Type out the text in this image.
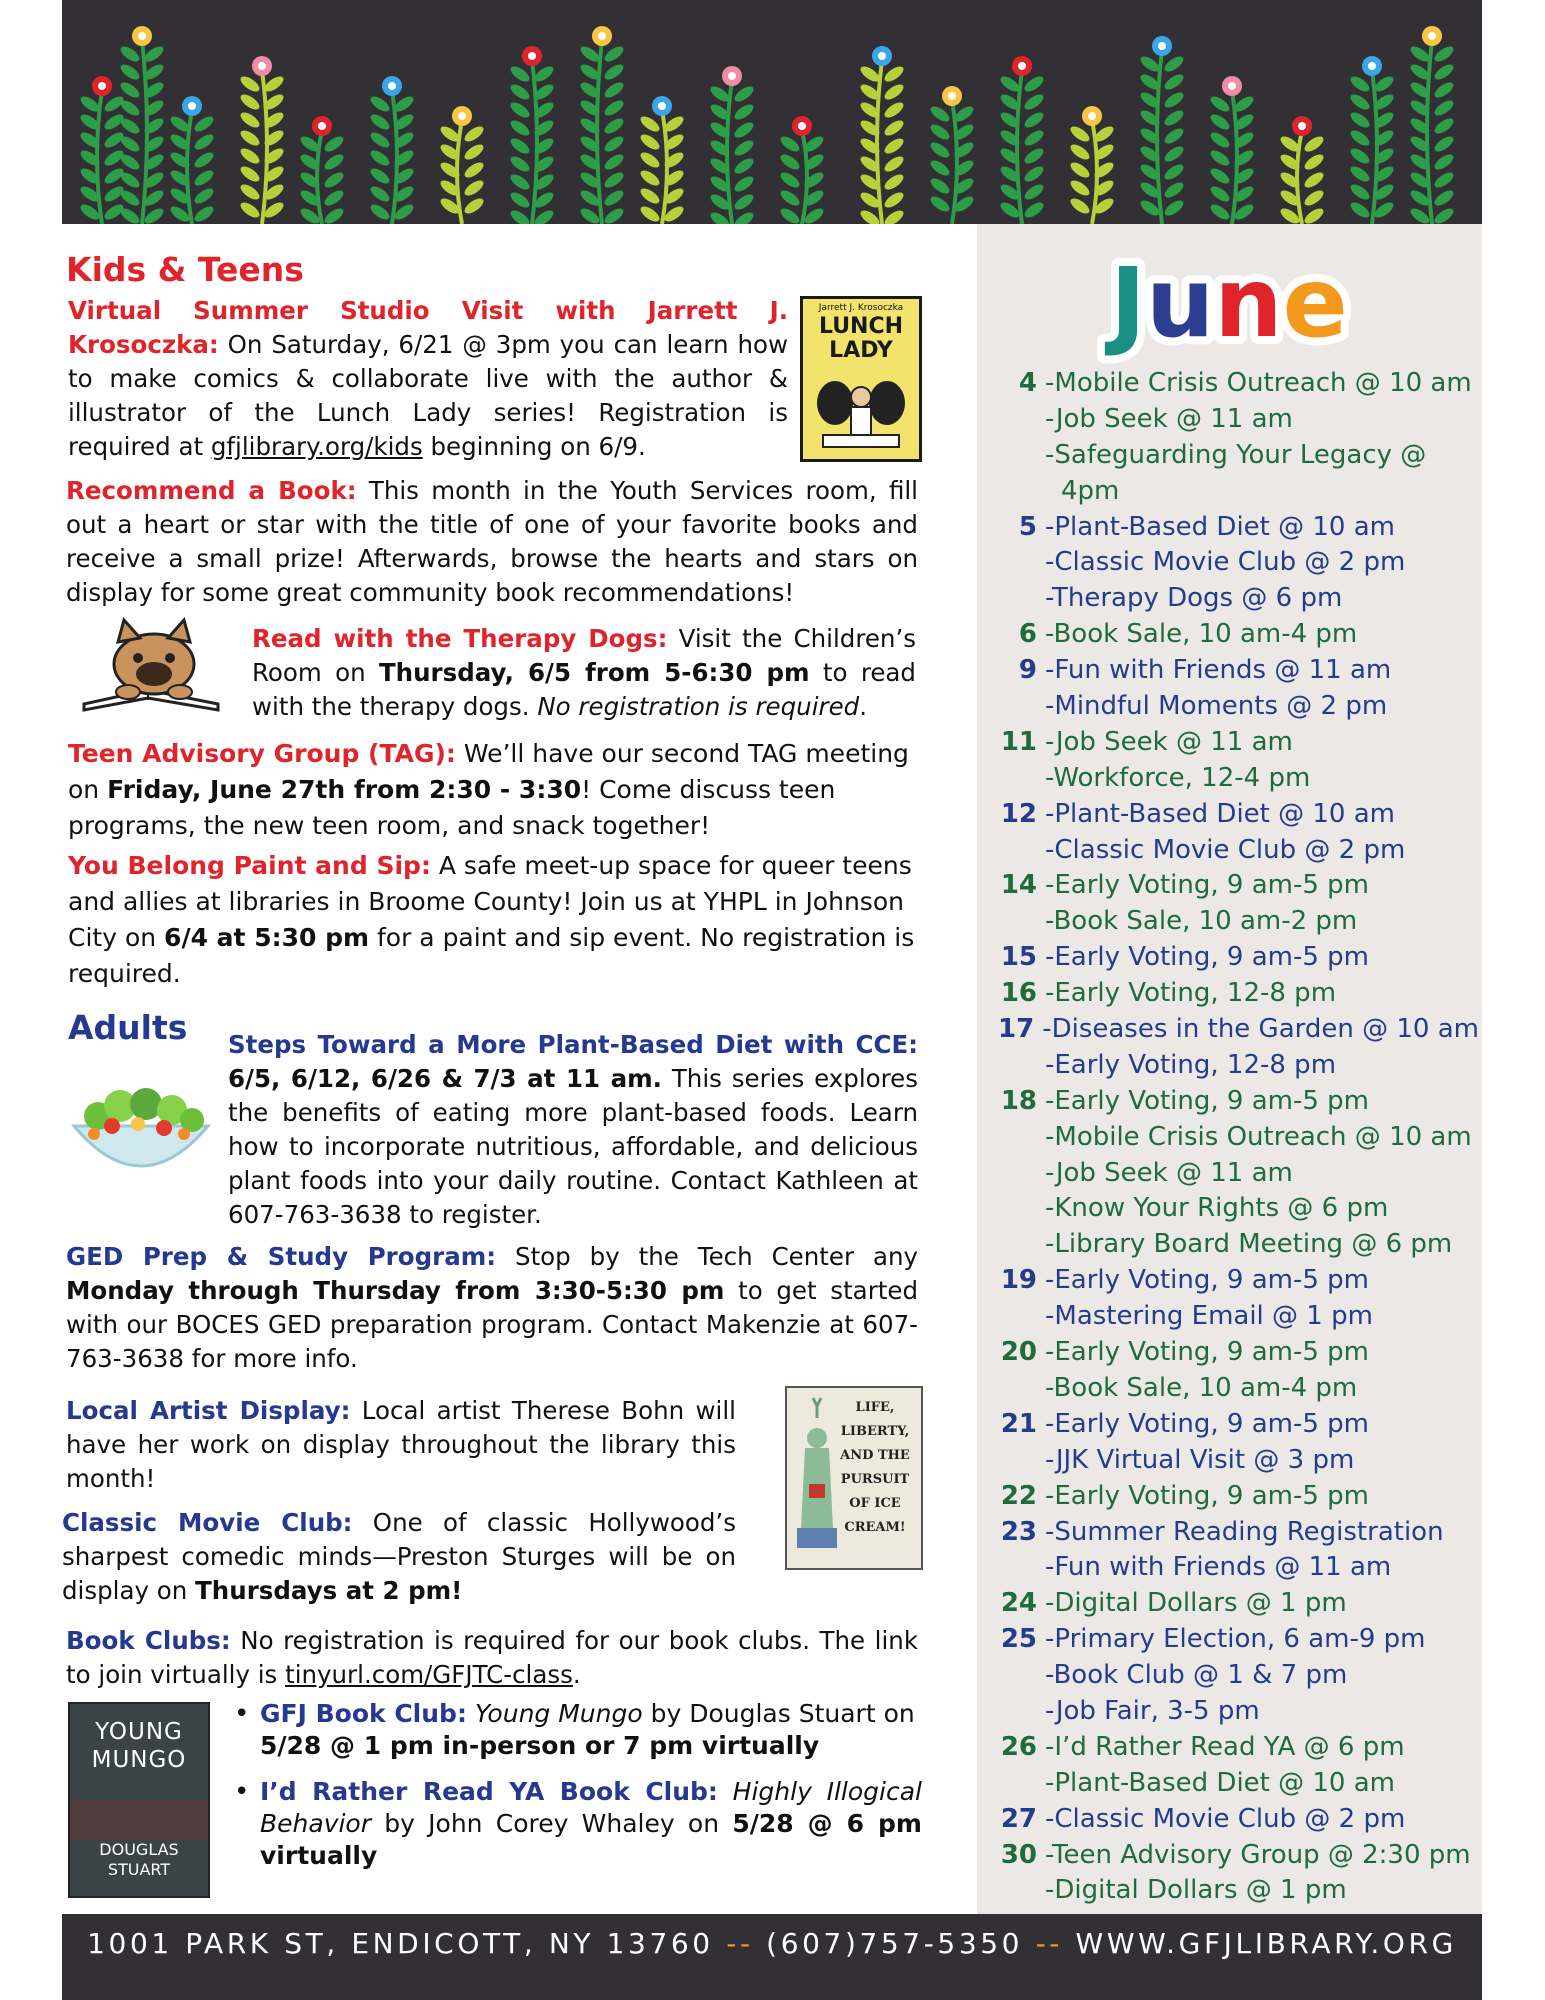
Kids & Teens

Virtual Summer Studio Visit with Jarrett J. Krosoczka: On Saturday, 6/21 @ 3pm you can learn how to make comics & collaborate live with the author & illustrator of the Lunch Lady series! Registration is required at gfjlibrary.org/kids beginning on 6/9.

Jarrett J. Krosoczka
LUNCH LADY

Recommend a Book: This month in the Youth Services room, fill out a heart or star with the title of one of your favorite books and receive a small prize! Afterwards, browse the hearts and stars on display for some great community book recommendations!

Read with the Therapy Dogs: Visit the Children’s Room on Thursday, 6/5 from 5-6:30 pm to read with the therapy dogs. No registration is required.

Teen Advisory Group (TAG): We’ll have our second TAG meeting on Friday, June 27th from 2:30 - 3:30! Come discuss teen programs, the new teen room, and snack together!

You Belong Paint and Sip: A safe meet-up space for queer teens and allies at libraries in Broome County! Join us at YHPL in Johnson City on 6/4 at 5:30 pm for a paint and sip event. No registration is required.

Adults Steps Toward a More Plant-Based Diet with CCE: 6/5, 6/12, 6/26 & 7/3 at 11 am. This series explores the benefits of eating more plant-based foods. Learn how to incorporate nutritious, affordable, and delicious plant foods into your daily routine. Contact Kathleen at 607-763-3638 to register.

GED Prep & Study Program: Stop by the Tech Center any Monday through Thursday from 3:30-5:30 pm to get started with our BOCES GED preparation program. Contact Makenzie at 607-763-3638 for more info.

Local Artist Display: Local artist Therese Bohn will have her work on display throughout the library this month!

LIFE, LIBERTY, AND THE PURSUIT OF ICE CREAM!

Classic Movie Club: One of classic Hollywood’s sharpest comedic minds—Preston Sturges will be on display on Thursdays at 2 pm!

Book Clubs: No registration is required for our book clubs. The link to join virtually is tinyurl.com/GFJTC-class.

YOUNG MUNGO
DOUGLAS STUART
• GFJ Book Club: Young Mungo by Douglas Stuart on 5/28 @ 1 pm in-person or 7 pm virtually
• I’d Rather Read YA Book Club: Highly Illogical Behavior by John Corey Whaley on 5/28 @ 6 pm virtually
June
4 -Mobile Crisis Outreach @ 10 am
-Job Seek @ 11 am
-Safeguarding Your Legacy @
4pm
5 -Plant-Based Diet @ 10 am
-Classic Movie Club @ 2 pm
-Therapy Dogs @ 6 pm
6 -Book Sale, 10 am-4 pm
9 -Fun with Friends @ 11 am
-Mindful Moments @ 2 pm
11 -Job Seek @ 11 am
-Workforce, 12-4 pm
12 -Plant-Based Diet @ 10 am
-Classic Movie Club @ 2 pm
14 -Early Voting, 9 am-5 pm
-Book Sale, 10 am-2 pm
15 -Early Voting, 9 am-5 pm
16 -Early Voting, 12-8 pm
17 -Diseases in the Garden @ 10 am
-Early Voting, 12-8 pm
18 -Early Voting, 9 am-5 pm
-Mobile Crisis Outreach @ 10 am
-Job Seek @ 11 am
-Know Your Rights @ 6 pm
-Library Board Meeting @ 6 pm
19 -Early Voting, 9 am-5 pm
-Mastering Email @ 1 pm
20 -Early Voting, 9 am-5 pm
-Book Sale, 10 am-4 pm
21 -Early Voting, 9 am-5 pm
-JJK Virtual Visit @ 3 pm
22 -Early Voting, 9 am-5 pm
23 -Summer Reading Registration
-Fun with Friends @ 11 am
24 -Digital Dollars @ 1 pm
25 -Primary Election, 6 am-9 pm
-Book Club @ 1 & 7 pm
-Job Fair, 3-5 pm
26 -I’d Rather Read YA @ 6 pm
-Plant-Based Diet @ 10 am
27 -Classic Movie Club @ 2 pm
30 -Teen Advisory Group @ 2:30 pm
-Digital Dollars @ 1 pm
1001 PARK ST, ENDICOTT, NY 13760 -- (607)757-5350 -- WWW.GFJLIBRARY.ORG
